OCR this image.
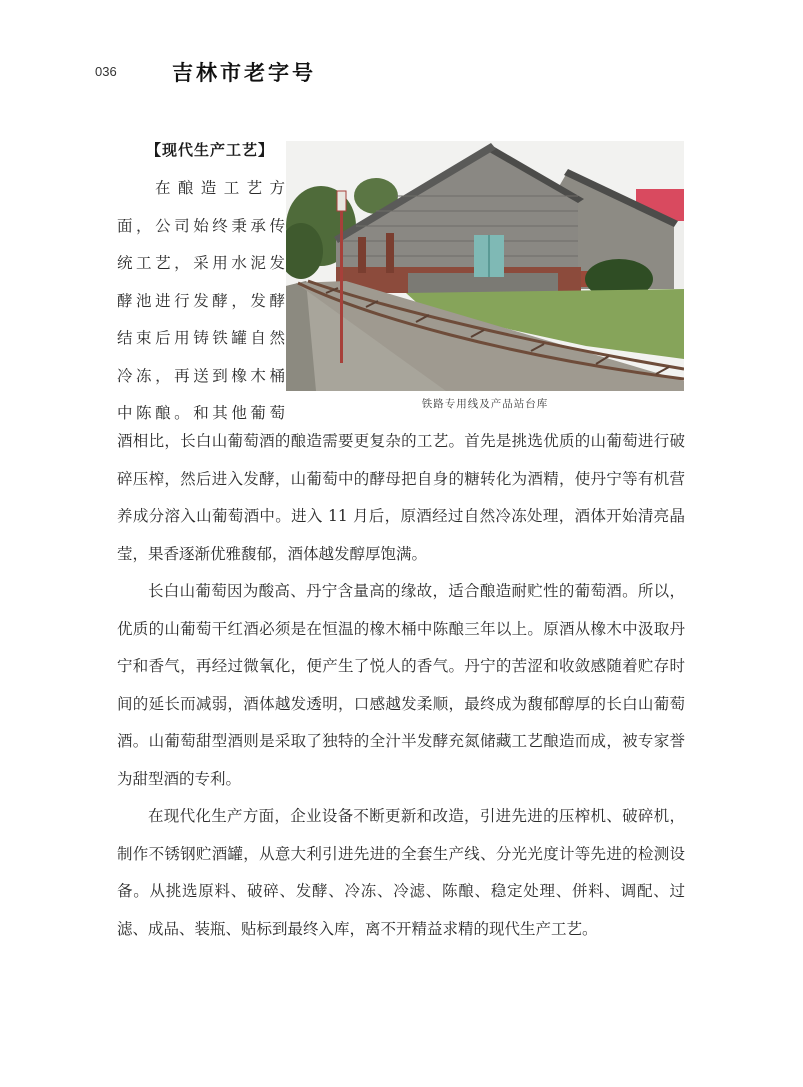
036	吉林市老字号
【现代生产工艺】
在酿造工艺方
面，公司始终秉承传
统工艺，采用水泥发
酵池进行发酵，发酵
结束后用铸铁罐自然
冷冻，再送到橡木桶
中陈酿。和其他葡萄	铁路专用线及产品站台库

酒相比，长白山葡萄酒的酿造需要更复杂的工艺。首先是挑选优质的山葡萄进行破碎压榨，然后进入发酵，山葡萄中的酵母把自身的糖转化为酒精，使丹宁等有机营养成分溶入山葡萄酒中。进入 11 月后，原酒经过自然冷冻处理，酒体开始清亮晶莹，果香逐渐优雅馥郁，酒体越发醇厚饱满。

长白山葡萄因为酸高、丹宁含量高的缘故，适合酿造耐贮性的葡萄酒。所以，优质的山葡萄干红酒必须是在恒温的橡木桶中陈酿三年以上。原酒从橡木中汲取丹宁和香气，再经过微氧化，便产生了悦人的香气。丹宁的苦涩和收敛感随着贮存时间的延长而减弱，酒体越发透明，口感越发柔顺，最终成为馥郁醇厚的长白山葡萄酒。山葡萄甜型酒则是采取了独特的全汁半发酵充氮储藏工艺酿造而成，被专家誉为甜型酒的专利。

在现代化生产方面，企业设备不断更新和改造，引进先进的压榨机、破碎机，制作不锈钢贮酒罐，从意大利引进先进的全套生产线、分光光度计等先进的检测设备。从挑选原料、破碎、发酵、冷冻、冷滤、陈酿、稳定处理、併料、调配、过滤、成品、装瓶、贴标到最终入库，离不开精益求精的现代生产工艺。
